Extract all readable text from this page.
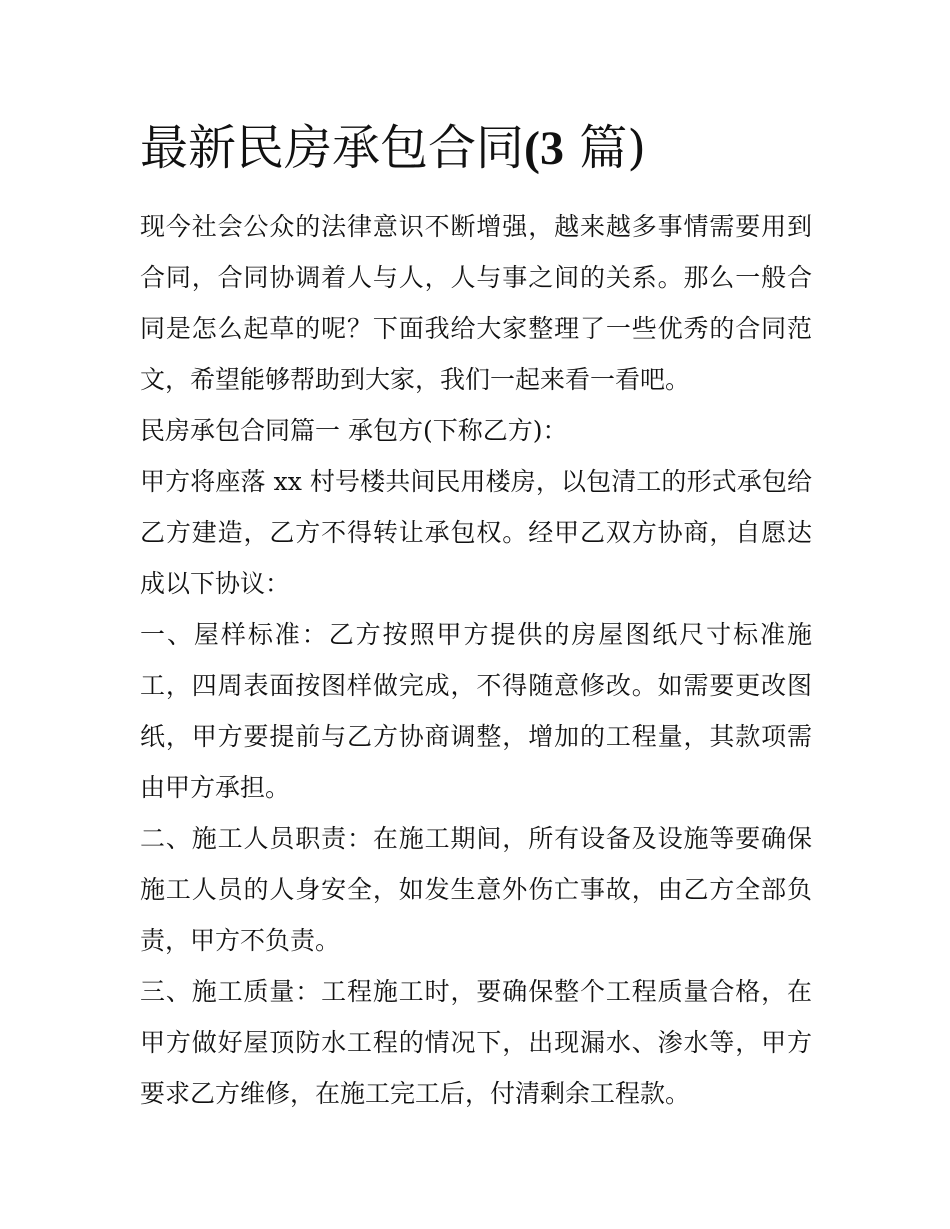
最新民房承包合同(3 篇)

现今社会公众的法律意识不断增强，越来越多事情需要用到合同，合同协调着人与人，人与事之间的关系。那么一般合同是怎么起草的呢？下面我给大家整理了一些优秀的合同范文，希望能够帮助到大家，我们一起来看一看吧。

民房承包合同篇一 承包方(下称乙方)：

甲方将座落 xx 村号楼共间民用楼房，以包清工的形式承包给乙方建造，乙方不得转让承包权。经甲乙双方协商，自愿达成以下协议：

一、屋样标准：乙方按照甲方提供的房屋图纸尺寸标准施工，四周表面按图样做完成，不得随意修改。如需要更改图纸，甲方要提前与乙方协商调整，增加的工程量，其款项需由甲方承担。

二、施工人员职责：在施工期间，所有设备及设施等要确保施工人员的人身安全，如发生意外伤亡事故，由乙方全部负责，甲方不负责。

三、施工质量：工程施工时，要确保整个工程质量合格，在甲方做好屋顶防水工程的情况下，出现漏水、渗水等，甲方要求乙方维修，在施工完工后，付清剩余工程款。
